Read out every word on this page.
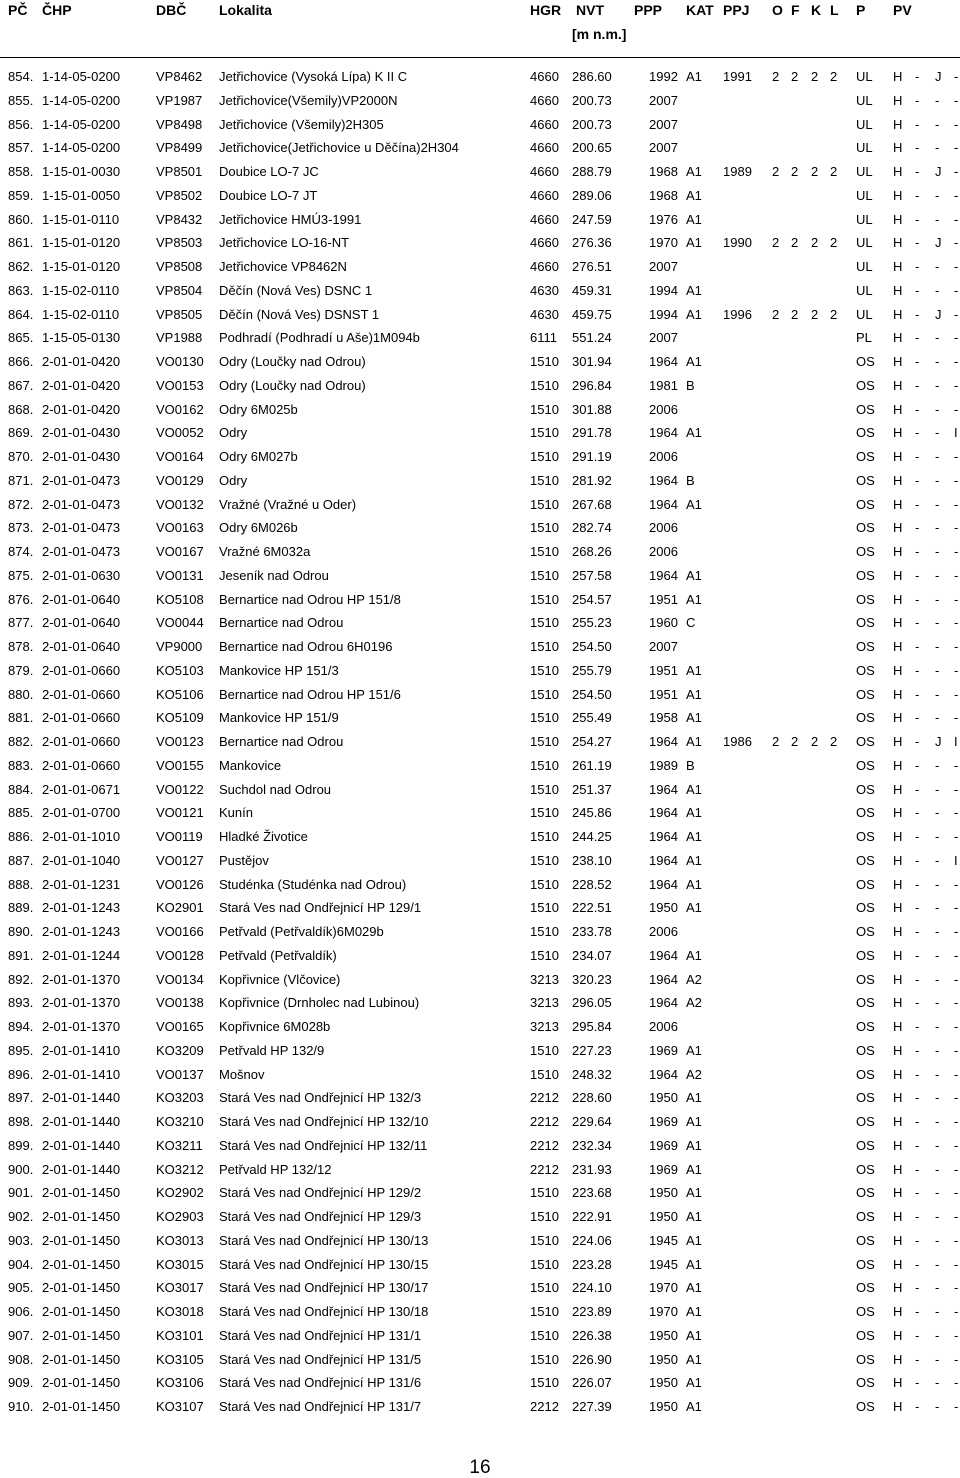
PČ ČHP	DBČ Lokalita	HGR NVT
[m n.m.]
PPP KAT PPJ O F K L P PV
854. 1-14-05-0200	VP8462 Jetřichovice (Vysoká Lípa) K II C	4660 286.60	1992 A1 1991 2 2 2 2 UL H - J -
855. 1-14-05-0200	VP1987 Jetřichovice(Všemily)VP2000N	4660 200.73	2007	UL H - - -
856. 1-14-05-0200	VP8498 Jetřichovice (Všemily)2H305	4660 200.73	2007	UL H - - -
857. 1-14-05-0200	VP8499 Jetřichovice(Jetřichovice u Děčína)2H304	4660 200.65	2007	UL H - - -
858. 1-15-01-0030	VP8501 Doubice LO-7 JC	4660 288.79	1968 A1 1989 2 2 2 2 UL H - J -
859. 1-15-01-0050	VP8502 Doubice LO-7 JT	4660 289.06	1968 A1	UL H - - -
860. 1-15-01-0110	VP8432 Jetřichovice HMÚ3-1991	4660 247.59	1976 A1	UL H - - -
861. 1-15-01-0120	VP8503 Jetřichovice LO-16-NT	4660 276.36	1970 A1 1990 2 2 2 2 UL H - J -
862. 1-15-01-0120	VP8508 Jetřichovice VP8462N	4660 276.51	2007	UL H - - -
863. 1-15-02-0110	VP8504 Děčín (Nová Ves) DSNC 1	4630 459.31	1994 A1	UL H - - -
864. 1-15-02-0110	VP8505 Děčín (Nová Ves) DSNST 1	4630 459.75	1994 A1 1996 2 2 2 2 UL H - J -
865. 1-15-05-0130	VP1988 Podhradí (Podhradí u Aše)1M094b	6111 551.24	2007	PL H - - -
866. 2-01-01-0420	VO0130 Odry (Loučky nad Odrou)	1510 301.94	1964 A1	OS H - - -
867. 2-01-01-0420	VO0153 Odry (Loučky nad Odrou)	1510 296.84	1981 B	OS H - - -
868. 2-01-01-0420	VO0162 Odry 6M025b	1510 301.88	2006	OS H - - -
869. 2-01-01-0430	VO0052 Odry	1510 291.78	1964 A1	OS H - - I
870. 2-01-01-0430	VO0164 Odry 6M027b	1510 291.19	2006	OS H - - -
871. 2-01-01-0473	VO0129 Odry	1510 281.92	1964 B	OS H - - -
872. 2-01-01-0473	VO0132 Vražné (Vražné u Oder)	1510 267.68	1964 A1	OS H - - -
873. 2-01-01-0473	VO0163 Odry 6M026b	1510 282.74	2006	OS H - - -
874. 2-01-01-0473	VO0167 Vražné 6M032a	1510 268.26	2006	OS H - - -
875. 2-01-01-0630	VO0131 Jeseník nad Odrou	1510 257.58	1964 A1	OS H - - -
876. 2-01-01-0640	KO5108 Bernartice nad Odrou HP 151/8	1510 254.57	1951 A1	OS H - - -
877. 2-01-01-0640	VO0044 Bernartice nad Odrou	1510 255.23	1960 C	OS H - - -
878. 2-01-01-0640	VP9000 Bernartice nad Odrou 6H0196	1510 254.50	2007	OS H - - -
879. 2-01-01-0660	KO5103 Mankovice HP 151/3	1510 255.79	1951 A1	OS H - - -
880. 2-01-01-0660	KO5106 Bernartice nad Odrou HP 151/6	1510 254.50	1951 A1	OS H - - -
881. 2-01-01-0660	KO5109 Mankovice HP 151/9	1510 255.49	1958 A1	OS H - - -
882. 2-01-01-0660	VO0123 Bernartice nad Odrou	1510 254.27	1964 A1 1986 2 2 2 2 OS H - J I
883. 2-01-01-0660	VO0155 Mankovice	1510 261.19	1989 B	OS H - - -
884. 2-01-01-0671	VO0122 Suchdol nad Odrou	1510 251.37	1964 A1	OS H - - -
885. 2-01-01-0700	VO0121 Kunín	1510 245.86	1964 A1	OS H - - -
886. 2-01-01-1010	VO0119 Hladké Životice	1510 244.25	1964 A1	OS H - - -
887. 2-01-01-1040	VO0127 Pustějov	1510 238.10	1964 A1	OS H - - I
888. 2-01-01-1231	VO0126 Studénka (Studénka nad Odrou)	1510 228.52	1964 A1	OS H - - -
889. 2-01-01-1243	KO2901 Stará Ves nad Ondřejnicí HP 129/1	1510 222.51	1950 A1	OS H - - -
890. 2-01-01-1243	VO0166 Petřvald (Petřvaldík)6M029b	1510 233.78	2006	OS H - - -
891. 2-01-01-1244	VO0128 Petřvald (Petřvaldík)	1510 234.07	1964 A1	OS H - - -
892. 2-01-01-1370	VO0134 Kopřivnice (Vlčovice)	3213 320.23	1964 A2	OS H - - -
893. 2-01-01-1370	VO0138 Kopřivnice (Drnholec nad Lubinou)	3213 296.05	1964 A2	OS H - - -
894. 2-01-01-1370	VO0165 Kopřivnice 6M028b	3213 295.84	2006	OS H - - -
895. 2-01-01-1410	KO3209 Petřvald HP 132/9	1510 227.23	1969 A1	OS H - - -
896. 2-01-01-1410	VO0137 Mošnov	1510 248.32	1964 A2	OS H - - -
897. 2-01-01-1440	KO3203 Stará Ves nad Ondřejnicí HP 132/3	2212 228.60	1950 A1	OS H - - -
898. 2-01-01-1440	KO3210 Stará Ves nad Ondřejnicí HP 132/10	2212 229.64	1969 A1	OS H - - -
899. 2-01-01-1440	KO3211 Stará Ves nad Ondřejnicí HP 132/11	2212 232.34	1969 A1	OS H - - -
900. 2-01-01-1440	KO3212 Petřvald HP 132/12	2212 231.93	1969 A1	OS H - - -
901. 2-01-01-1450	KO2902 Stará Ves nad Ondřejnicí HP 129/2	1510 223.68	1950 A1	OS H - - -
902. 2-01-01-1450	KO2903 Stará Ves nad Ondřejnicí HP 129/3	1510 222.91	1950 A1	OS H - - -
903. 2-01-01-1450	KO3013 Stará Ves nad Ondřejnicí HP 130/13	1510 224.06	1945 A1	OS H - - -
904. 2-01-01-1450	KO3015 Stará Ves nad Ondřejnicí HP 130/15	1510 223.28	1945 A1	OS H - - -
905. 2-01-01-1450	KO3017 Stará Ves nad Ondřejnicí HP 130/17	1510 224.10	1970 A1	OS H - - -
906. 2-01-01-1450	KO3018 Stará Ves nad Ondřejnicí HP 130/18	1510 223.89	1970 A1	OS H - - -
907. 2-01-01-1450	KO3101 Stará Ves nad Ondřejnicí HP 131/1	1510 226.38	1950 A1	OS H - - -
908. 2-01-01-1450	KO3105 Stará Ves nad Ondřejnicí HP 131/5	1510 226.90	1950 A1	OS H - - -
909. 2-01-01-1450	KO3106 Stará Ves nad Ondřejnicí HP 131/6	1510 226.07	1950 A1	OS H - - -
910. 2-01-01-1450	KO3107 Stará Ves nad Ondřejnicí HP 131/7	2212 227.39	1950 A1	OS H - - -
16
